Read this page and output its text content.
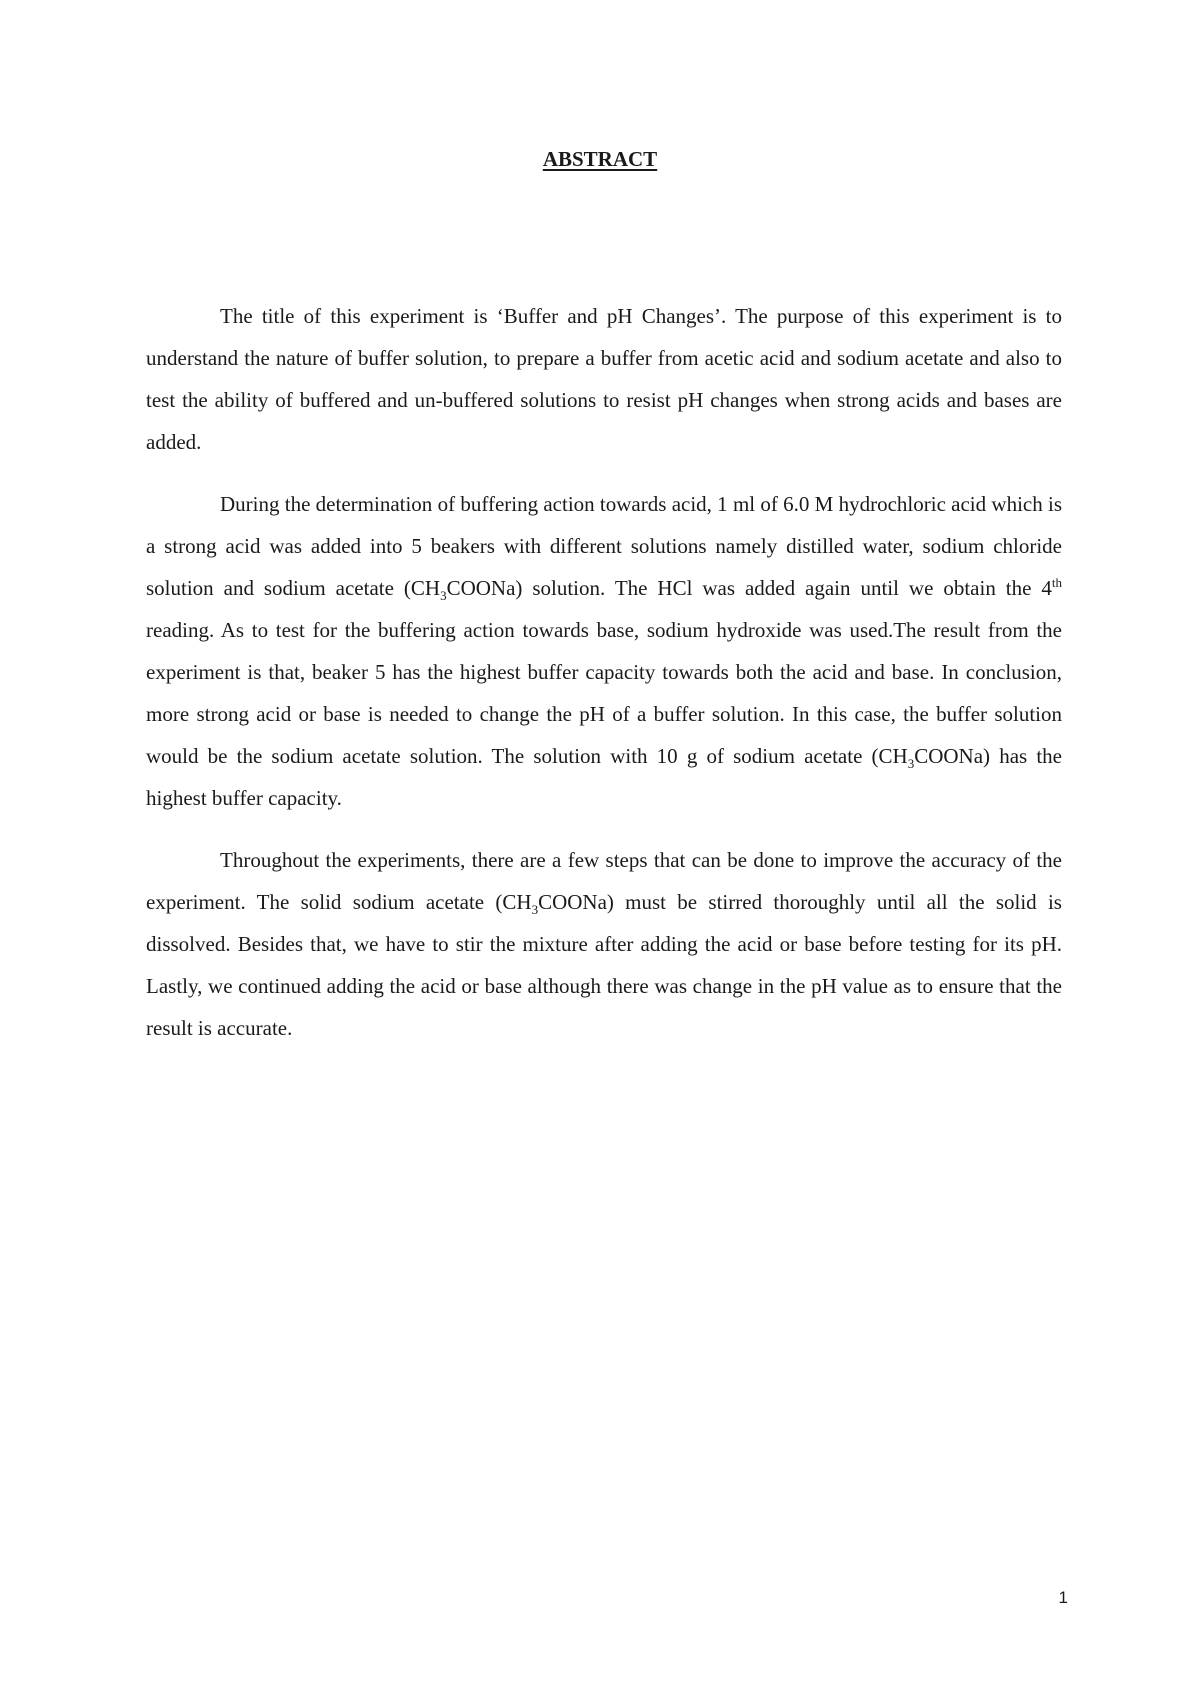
ABSTRACT

The title of this experiment is ‘Buffer and pH Changes’. The purpose of this experiment is to understand the nature of buffer solution, to prepare a buffer from acetic acid and sodium acetate and also to test the ability of buffered and un-buffered solutions to resist pH changes when strong acids and bases are added.

During the determination of buffering action towards acid, 1 ml of 6.0 M hydrochloric acid which is a strong acid was added into 5 beakers with different solutions namely distilled water, sodium chloride solution and sodium acetate $(CH_3COONa)$ solution. The HCl was added again until we obtain the 4th reading. As to test for the buffering action towards base, sodium hydroxide was used.The result from the experiment is that, beaker 5 has the highest buffer capacity towards both the acid and base. In conclusion, more strong acid or base is needed to change the pH of a buffer solution. In this case, the buffer solution would be the sodium acetate solution. The solution with 10 g of sodium acetate $(CH_3COONa)$ has the highest buffer capacity.

Throughout the experiments, there are a few steps that can be done to improve the accuracy of the experiment. The solid sodium acetate $(CH_3COONa)$ must be stirred thoroughly until all the solid is dissolved. Besides that, we have to stir the mixture after adding the acid or base before testing for its pH. Lastly, we continued adding the acid or base although there was change in the pH value as to ensure that the result is accurate.

1
